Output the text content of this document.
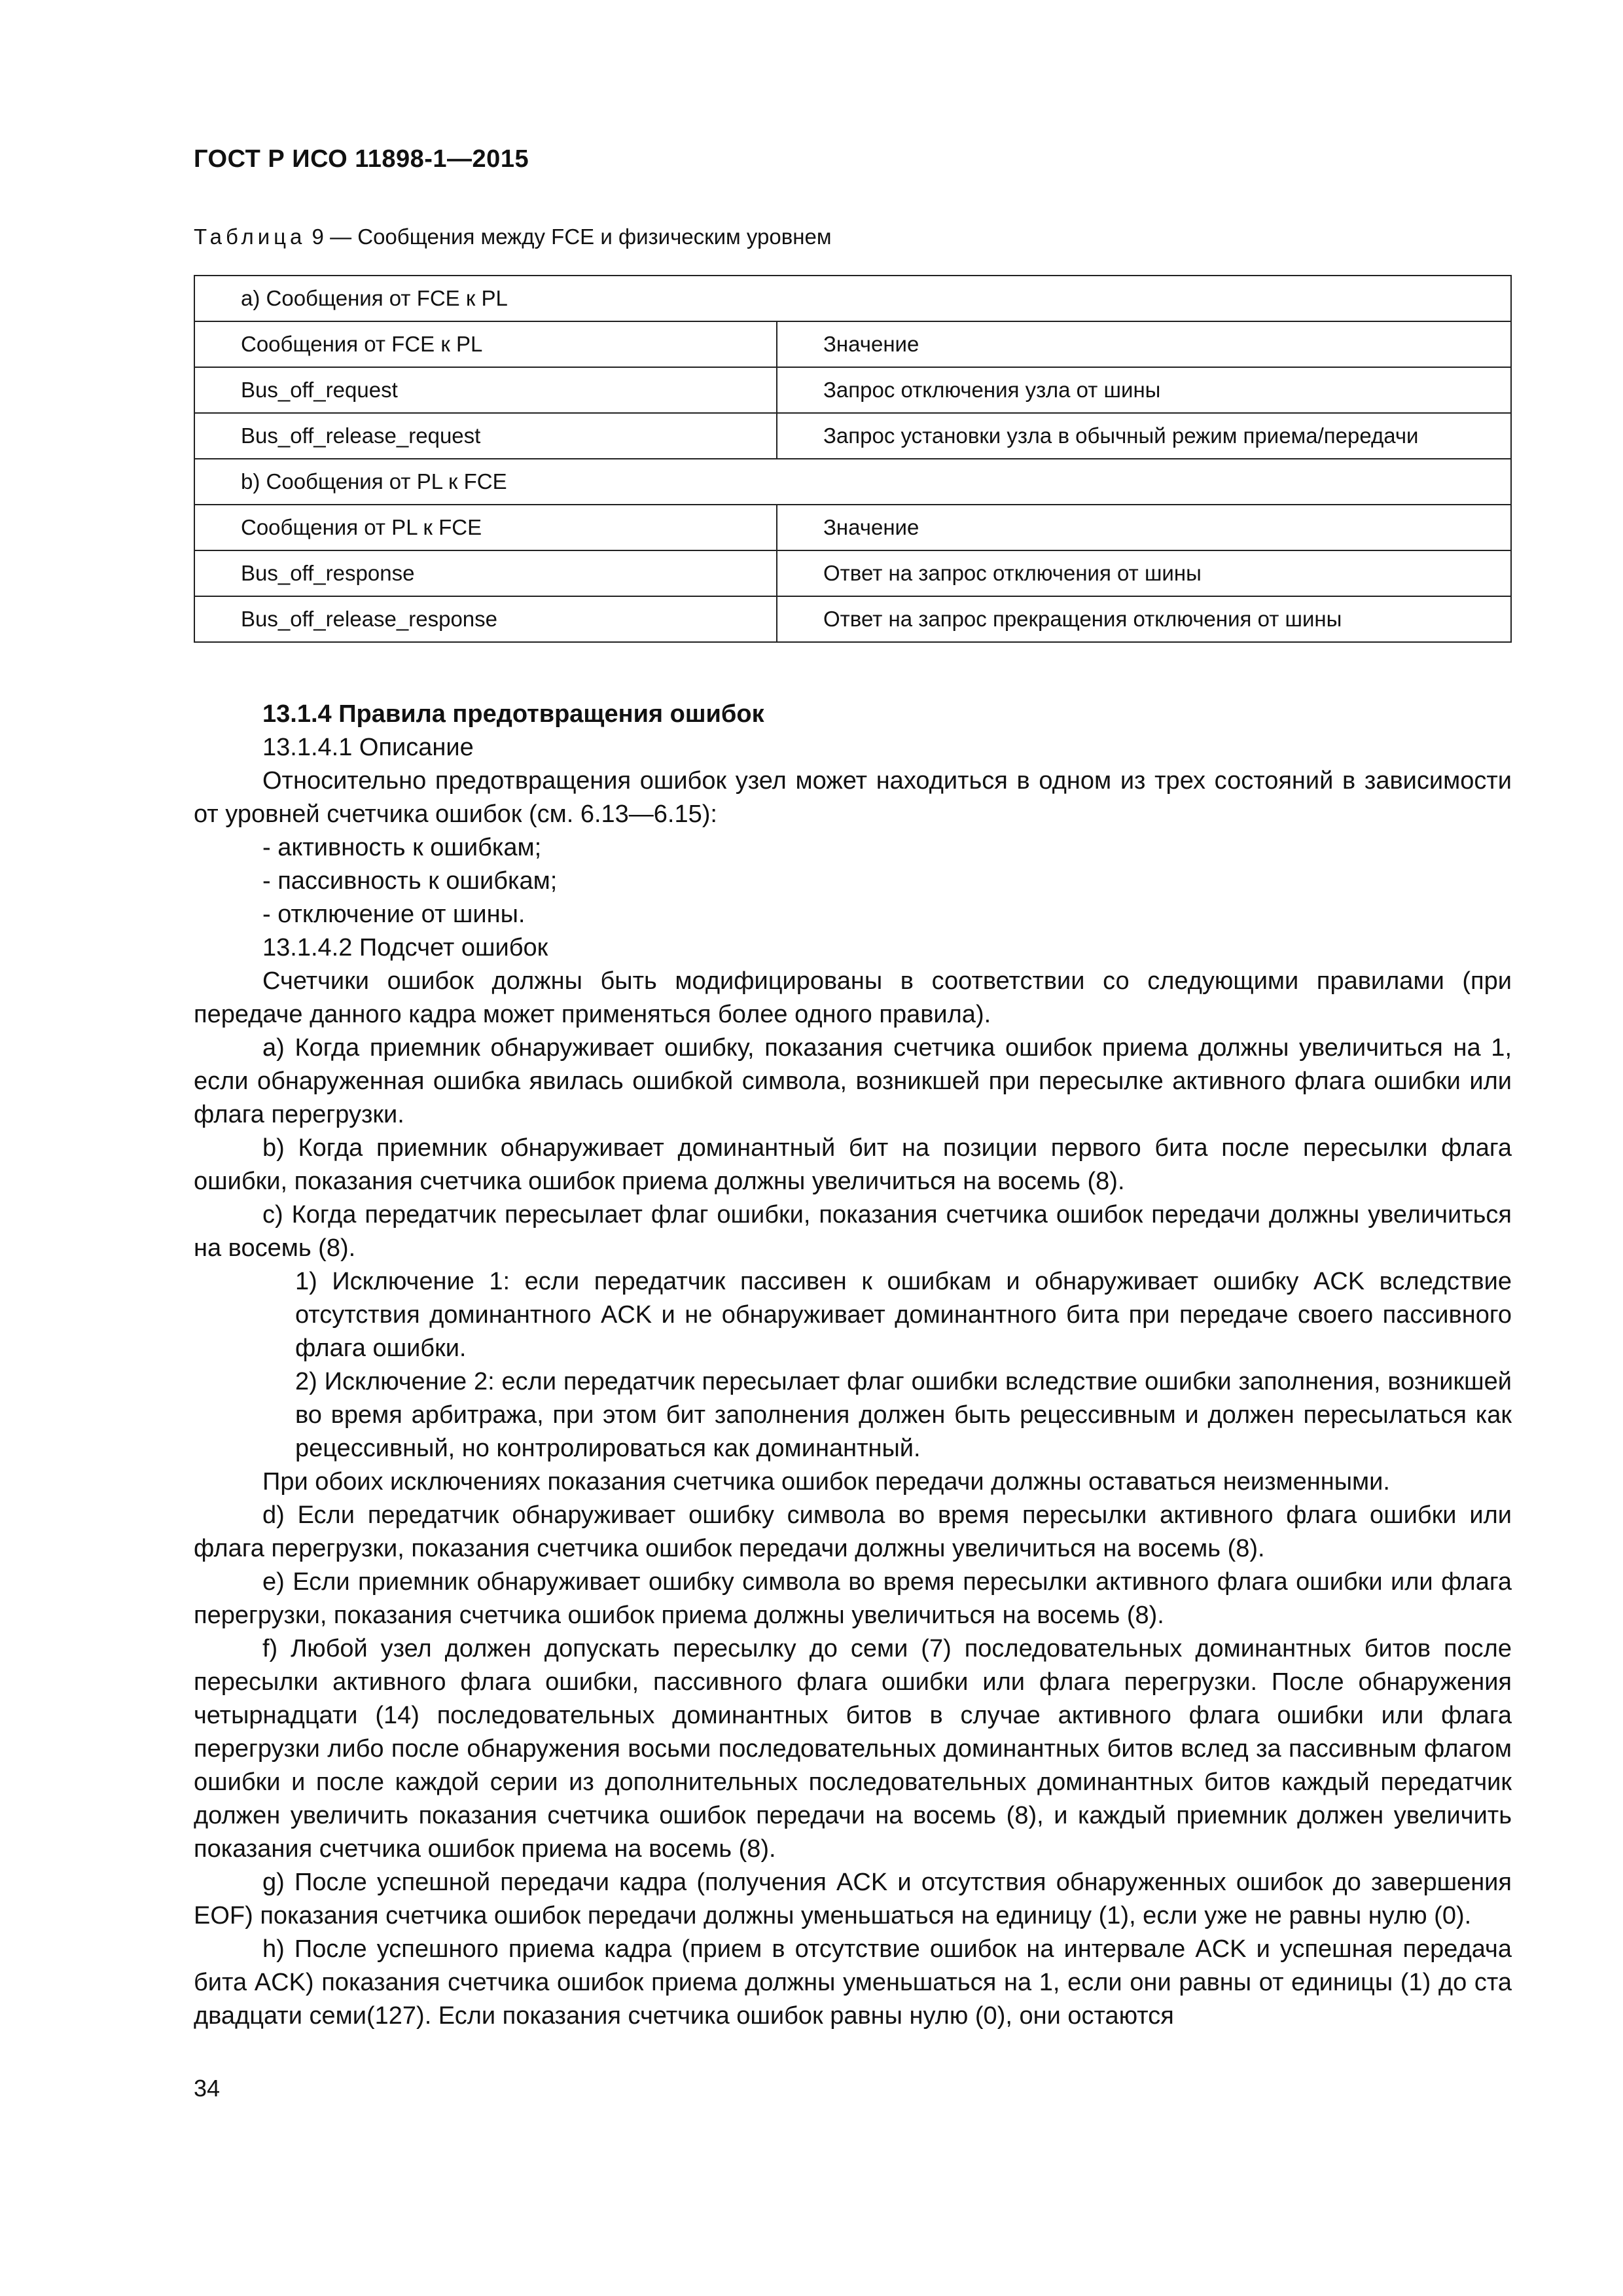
ГОСТ Р ИСО 11898-1—2015
Таблица 9 — Сообщения между FCE и физическим уровнем
a) Сообщения от FCE к PL	
Сообщения от FCE к PL	Значение
Bus_off_request	Запрос отключения узла от шины
Bus_off_release_request	Запрос установки узла в обычный режим приема/передачи
b) Сообщения от PL к FCE	
Сообщения от PL к FCE	Значение
Bus_off_response	Ответ на запрос отключения от шины
Bus_off_release_response	Ответ на запрос прекращения отключения от шины

13.1.4 Правила предотвращения ошибок

13.1.4.1 Описание

Относительно предотвращения ошибок узел может находиться в одном из трех состояний в зависимости от уровней счетчика ошибок (см. 6.13—6.15):

- активность к ошибкам;

- пассивность к ошибкам;

- отключение от шины.

13.1.4.2 Подсчет ошибок

Счетчики ошибок должны быть модифицированы в соответствии со следующими правилами (при передаче данного кадра может применяться более одного правила).

a) Когда приемник обнаруживает ошибку, показания счетчика ошибок приема должны увеличиться на 1, если обнаруженная ошибка явилась ошибкой символа, возникшей при пересылке активного флага ошибки или флага перегрузки.

b) Когда приемник обнаруживает доминантный бит на позиции первого бита после пересылки флага ошибки, показания счетчика ошибок приема должны увеличиться на восемь (8).

c) Когда передатчик пересылает флаг ошибки, показания счетчика ошибок передачи должны увеличиться на восемь (8).

1) Исключение 1: если передатчик пассивен к ошибкам и обнаруживает ошибку ACK вследствие отсутствия доминантного ACK и не обнаруживает доминантного бита при передаче своего пассивного флага ошибки.

2) Исключение 2: если передатчик пересылает флаг ошибки вследствие ошибки заполнения, возникшей во время арбитража, при этом бит заполнения должен быть рецессивным и должен пересылаться как рецессивный, но контролироваться как доминантный.

При обоих исключениях показания счетчика ошибок передачи должны оставаться неизменными.

d) Если передатчик обнаруживает ошибку символа во время пересылки активного флага ошибки или флага перегрузки, показания счетчика ошибок передачи должны увеличиться на восемь (8).

e) Если приемник обнаруживает ошибку символа во время пересылки активного флага ошибки или флага перегрузки, показания счетчика ошибок приема должны увеличиться на восемь (8).

f) Любой узел должен допускать пересылку до семи (7) последовательных доминантных битов после пересылки активного флага ошибки, пассивного флага ошибки или флага перегрузки. После обнаружения четырнадцати (14) последовательных доминантных битов в случае активного флага ошибки или флага перегрузки либо после обнаружения восьми последовательных доминантных битов вслед за пассивным флагом ошибки и после каждой серии из дополнительных последовательных доминантных битов каждый передатчик должен увеличить показания счетчика ошибок передачи на восемь (8), и каждый приемник должен увеличить показания счетчика ошибок приема на восемь (8).

g) После успешной передачи кадра (получения ACK и отсутствия обнаруженных ошибок до завершения EOF) показания счетчика ошибок передачи должны уменьшаться на единицу (1), если уже не равны нулю (0).

h) После успешного приема кадра (прием в отсутствие ошибок на интервале ACK и успешная передача бита ACK) показания счетчика ошибок приема должны уменьшаться на 1, если они равны от единицы (1) до ста двадцати семи(127). Если показания счетчика ошибок равны нулю (0), они остаются

34
